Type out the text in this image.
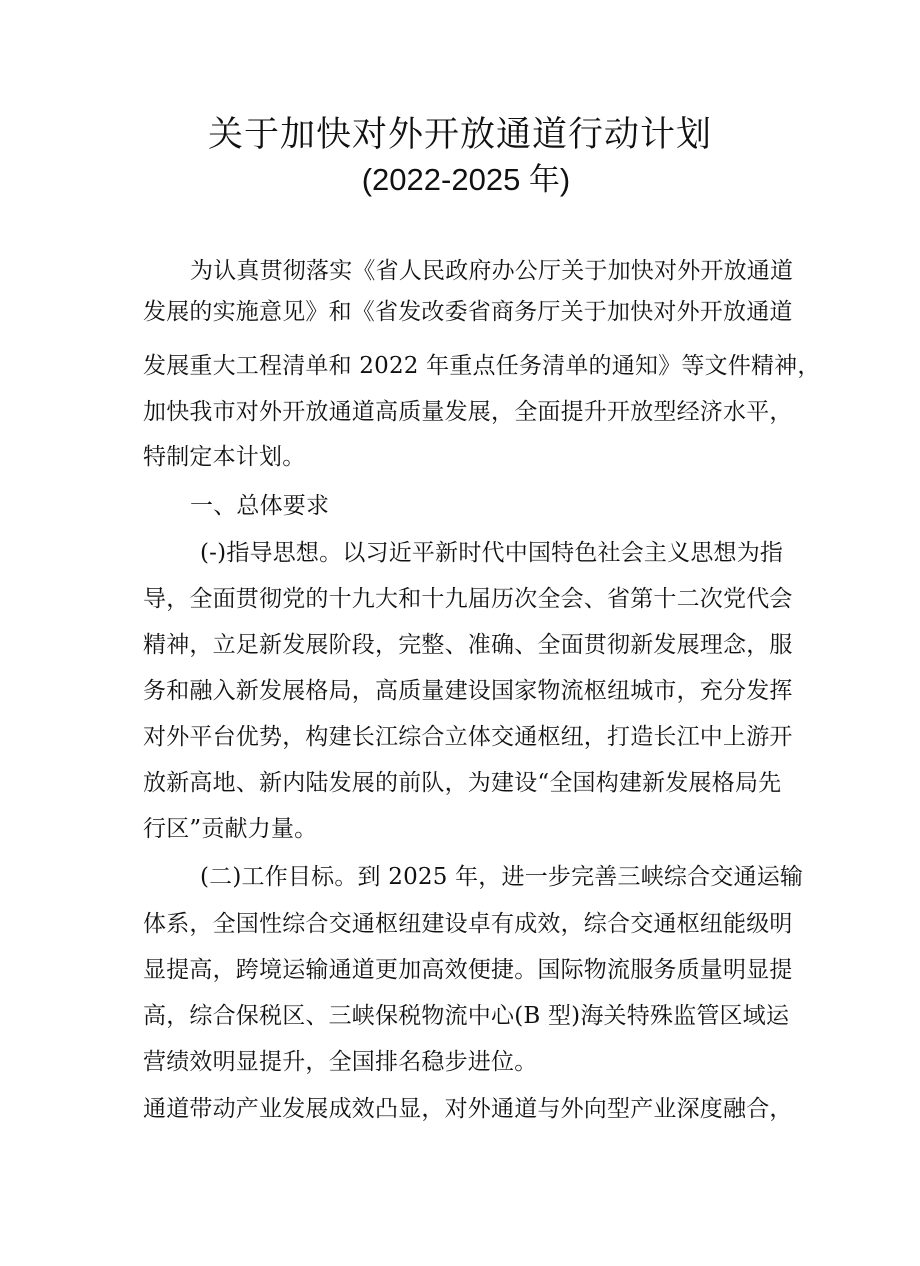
关于加快对外开放通道行动计划
(2022-2025 年)
为认真贯彻落实《省人民政府办公厅关于加快对外开放通道
发展的实施意见》和《省发改委省商务厅关于加快对外开放通道
发展重大工程清单和 2022 年重点任务清单的通知》等文件精神，
加快我市对外开放通道高质量发展，全面提升开放型经济水平，
特制定本计划。
一、总体要求
(-)指导思想。以习近平新时代中国特色社会主义思想为指
导，全面贯彻党的十九大和十九届历次全会、省第十二次党代会
精神，立足新发展阶段，完整、准确、全面贯彻新发展理念，服
务和融入新发展格局，高质量建设国家物流枢纽城市，充分发挥
对外平台优势，构建长江综合立体交通枢纽，打造长江中上游开
放新高地、新内陆发展的前队，为建设“全国构建新发展格局先
行区”贡献力量。
(二)工作目标。到 2025 年，进一步完善三峡综合交通运输
体系，全国性综合交通枢纽建设卓有成效，综合交通枢纽能级明
显提高，跨境运输通道更加高效便捷。国际物流服务质量明显提
高，综合保税区、三峡保税物流中心(B 型)海关特殊监管区域运
营绩效明显提升，全国排名稳步进位。
通道带动产业发展成效凸显，对外通道与外向型产业深度融合，
